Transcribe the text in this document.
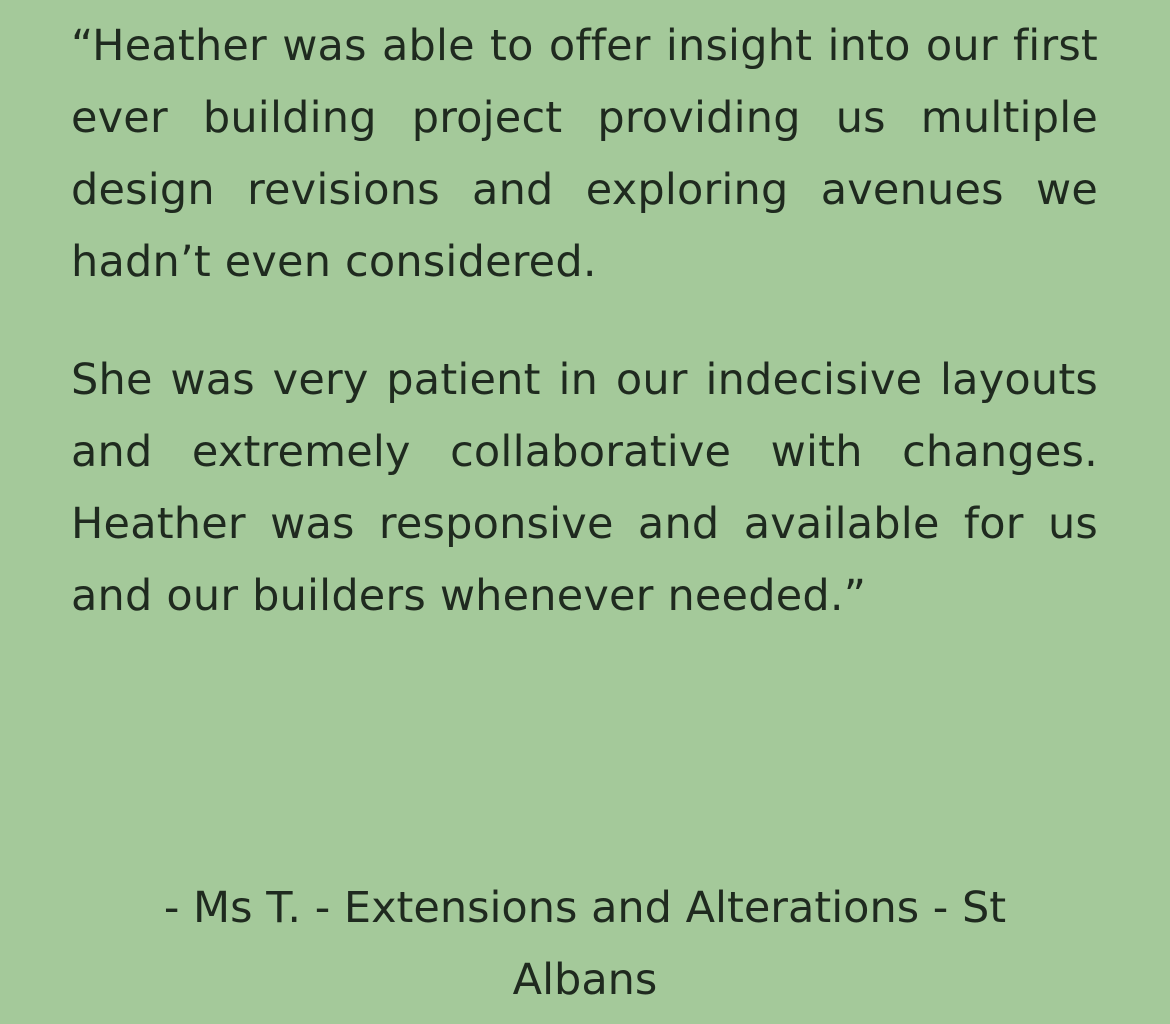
“Heather was able to offer insight into our first ever building project providing us multiple design revisions and exploring avenues we hadn’t even considered.

She was very patient in our indecisive layouts and extremely collaborative with changes. Heather was responsive and available for us and our builders whenever needed.”

- Ms T. - Extensions and Alterations - St Albans
